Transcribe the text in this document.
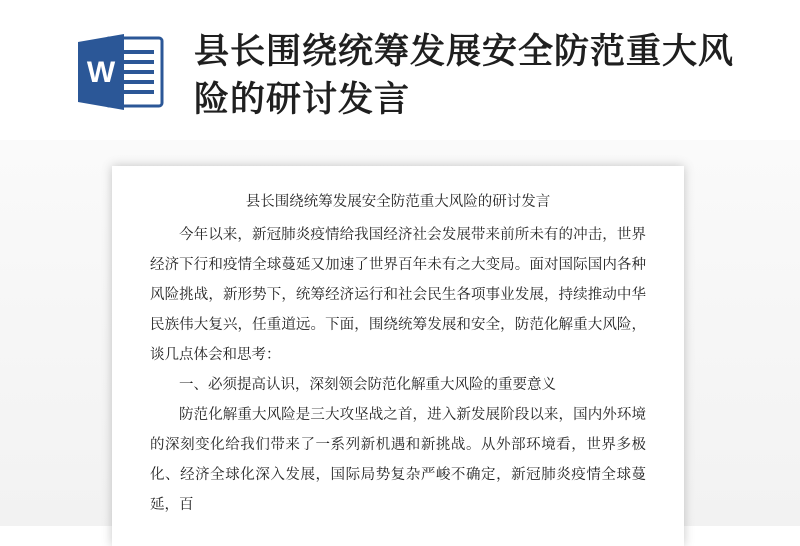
W
县长围绕统筹发展安全防范重大风险的研讨发言

县长围绕统筹发展安全防范重大风险的研讨发言

今年以来，新冠肺炎疫情给我国经济社会发展带来前所未有的冲击，世界经济下行和疫情全球蔓延又加速了世界百年未有之大变局。面对国际国内各种风险挑战，新形势下，统筹经济运行和社会民生各项事业发展，持续推动中华民族伟大复兴，任重道远。下面，围绕统筹发展和安全，防范化解重大风险，谈几点体会和思考：

一、必须提高认识，深刻领会防范化解重大风险的重要意义

防范化解重大风险是三大攻坚战之首，进入新发展阶段以来，国内外环境的深刻变化给我们带来了一系列新机遇和新挑战。从外部环境看，世界多极化、经济全球化深入发展，国际局势复杂严峻不确定，新冠肺炎疫情全球蔓延，百
